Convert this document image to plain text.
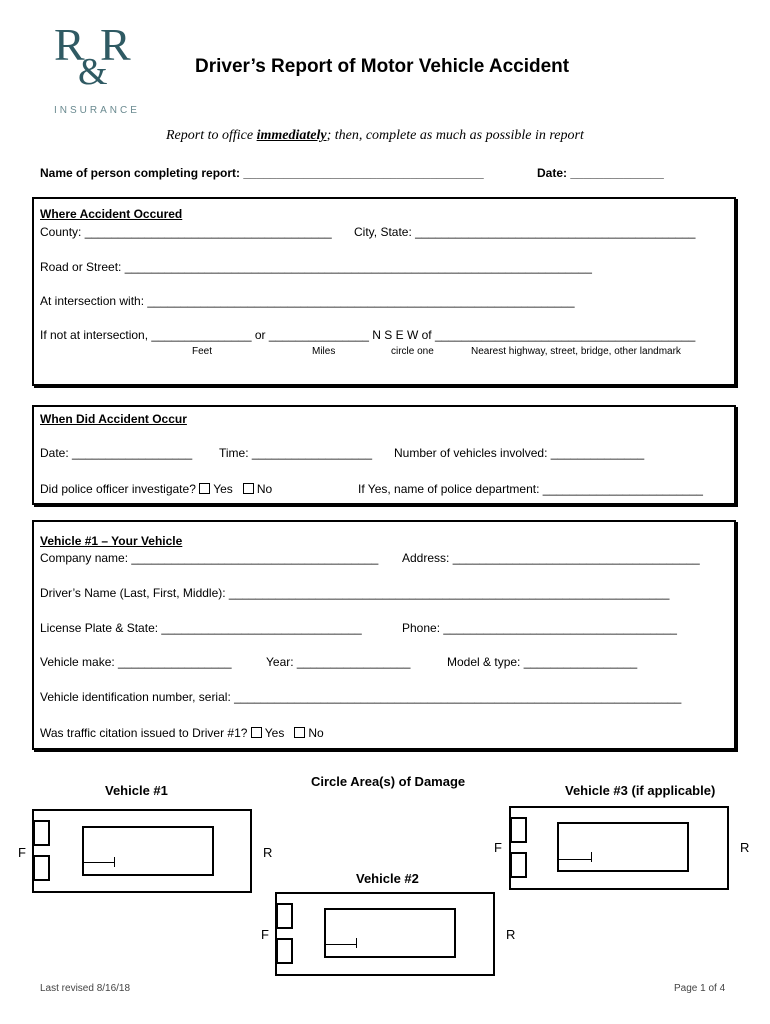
R R
&
INSURANCE
Driver’s Report of Motor Vehicle Accident
Report to office immediately; then, complete as much as possible in report
Name of person completing report: ____________________________________	Date: ______________
Where Accident Occured
County: _____________________________________ City, State: __________________________________________
Road or Street: ______________________________________________________________________
At intersection with: ________________________________________________________________
If not at intersection, _______________ or _______________ N S E W of _______________________________________
Feet	Miles	circle one	Nearest highway, street, bridge, other landmark
When Did Accident Occur
Date: __________________ Time: __________________ Number of vehicles involved: ______________
Did police officer investigate? Yes No	If Yes, name of police department: ________________________
Vehicle #1 – Your Vehicle
Company name: _____________________________________ Address: _____________________________________
Driver’s Name (Last, First, Middle): __________________________________________________________________
License Plate & State: ______________________________	Phone: ___________________________________
Vehicle make: _________________	Year: _________________	Model & type: _________________
Vehicle identification number, serial: ___________________________________________________________________
Was traffic citation issued to Driver #1? Yes No
Circle Area(s) of Damage
Vehicle #1	Vehicle #3 (if applicable)
Vehicle #2
F	R	F	R
F	R
Last revised 8/16/18	Page 1 of 4
